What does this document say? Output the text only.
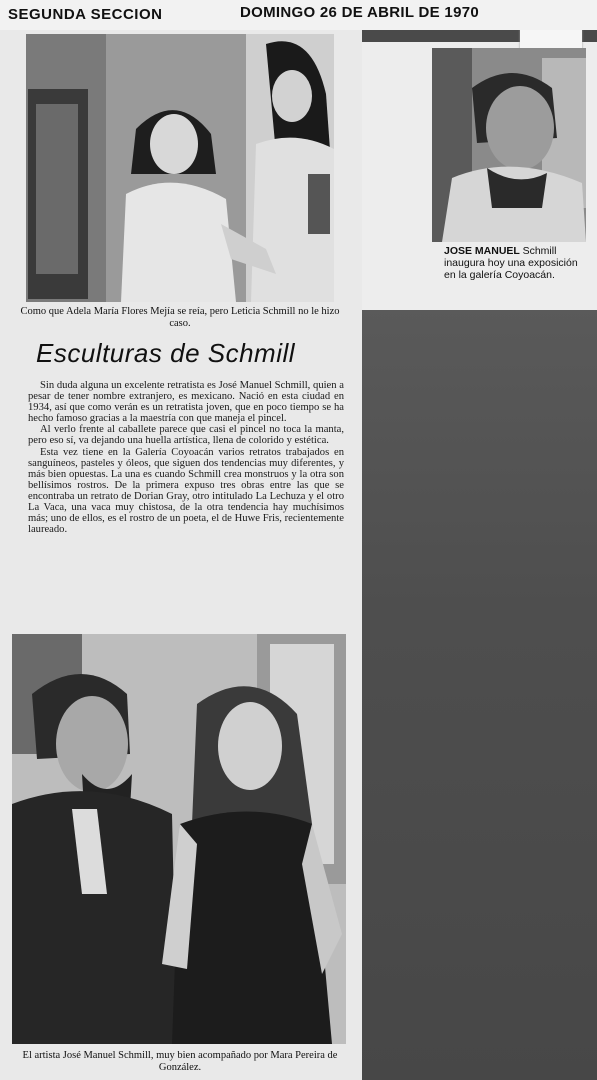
SEGUNDA SECCION	DOMINGO 26 DE ABRIL DE 1970
Como que Adela María Flores Mejía se reía, pero Leticia Schmill no le hizo caso.
JOSE MANUEL Schmill inaugura hoy una exposición en la galería Coyoacán.
Esculturas de Schmill

Sin duda alguna un excelente retratista es José Manuel Schmill, quien a pesar de tener nombre extranjero, es mexicano. Nació en esta ciudad en 1934, así que como verán es un retratista joven, que en poco tiempo se ha hecho famoso gracias a la maestría con que maneja el pincel.

Al verlo frente al caballete parece que casi el pincel no toca la manta, pero eso sí, va dejando una huella artística, llena de colorido y estética.

Esta vez tiene en la Galería Coyoacán varios retratos trabajados en sanguíneos, pasteles y óleos, que siguen dos tendencias muy diferentes, y más bien opuestas. La una es cuando Schmill crea monstruos y la otra son bellísimos rostros. De la primera expuso tres obras entre las que se encontraba un retrato de Dorian Gray, otro intitulado La Lechuza y el otro La Vaca, una vaca muy chistosa, de la otra tendencia hay muchísimos más; uno de ellos, es el rostro de un poeta, el de Huwe Fris, recientemente laureado.

El artista José Manuel Schmill, muy bien acompañado por Mara Pereira de González.
